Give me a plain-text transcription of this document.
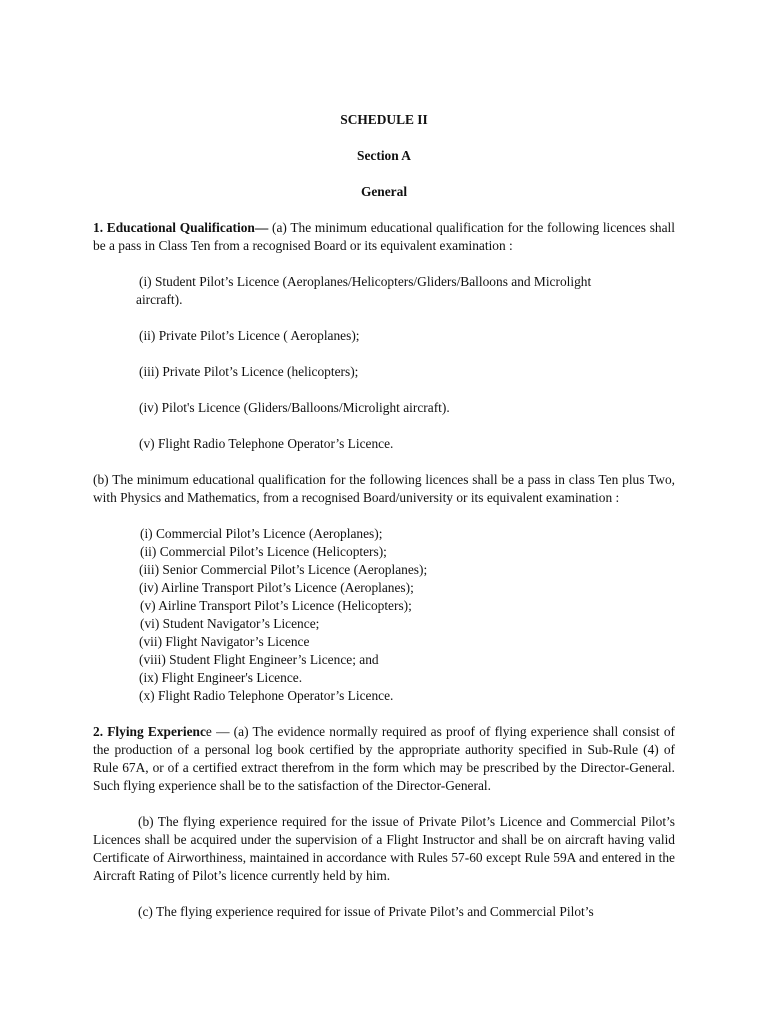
SCHEDULE II
Section A
General

1. Educational Qualification— (a) The minimum educational qualification for the following licences shall be a pass in Class Ten from a recognised Board or its equivalent examination :

(i) Student Pilot’s Licence (Aeroplanes/Helicopters/Gliders/Balloons and Microlight
aircraft).
(ii) Private Pilot’s Licence ( Aeroplanes);
(iii) Private Pilot’s Licence (helicopters);
(iv) Pilot's Licence (Gliders/Balloons/Microlight aircraft).
(v) Flight Radio Telephone Operator’s Licence.

(b) The minimum educational qualification for the following licences shall be a pass in class Ten plus Two, with Physics and Mathematics, from a recognised Board/university or its equivalent examination :

(i) Commercial Pilot’s Licence (Aeroplanes);
(ii) Commercial Pilot’s Licence (Helicopters);
(iii) Senior Commercial Pilot’s Licence (Aeroplanes);
(iv) Airline Transport Pilot’s Licence (Aeroplanes);
(v) Airline Transport Pilot’s Licence (Helicopters);
(vi) Student Navigator’s Licence;
(vii) Flight Navigator’s Licence
(viii) Student Flight Engineer’s Licence; and
(ix) Flight Engineer's Licence.
(x) Flight Radio Telephone Operator’s Licence.

2. Flying Experience — (a) The evidence normally required as proof of flying experience shall consist of the production of a personal log book certified by the appropriate authority specified in Sub-Rule (4) of Rule 67A, or of a certified extract therefrom in the form which may be prescribed by the Director-General. Such flying experience shall be to the satisfaction of the Director-General.

(b) The flying experience required for the issue of Private Pilot’s Licence and Commercial Pilot’s Licences shall be acquired under the supervision of a Flight Instructor and shall be on aircraft having valid Certificate of Airworthiness, maintained in accordance with Rules 57-60 except Rule 59A and entered in the Aircraft Rating of Pilot’s licence currently held by him.

(c) The flying experience required for issue of Private Pilot’s and Commercial Pilot’s
